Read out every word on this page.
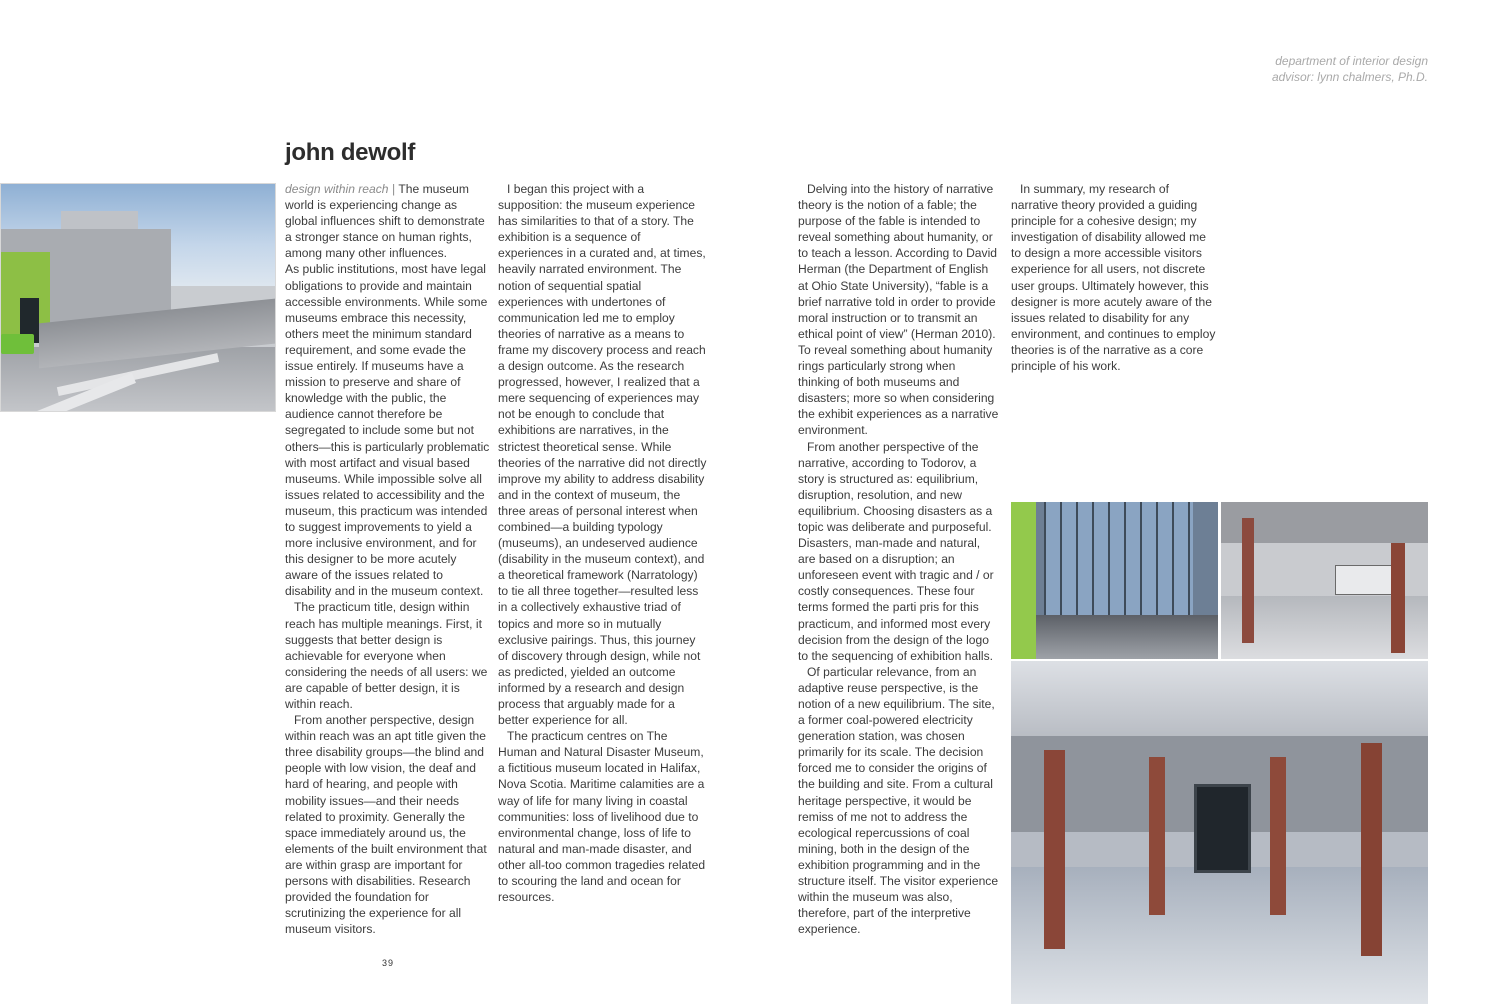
department of interior design
advisor: lynn chalmers, Ph.D.
john dewolf

design within reach | The museum world is experiencing change as global influences shift to demonstrate a stronger stance on human rights, among many other influences.

As public institutions, most have legal obligations to provide and maintain accessible environments. While some museums embrace this necessity, others meet the minimum standard requirement, and some evade the issue entirely. If museums have a mission to preserve and share of knowledge with the public, the audience cannot therefore be segregated to include some but not others—this is particularly problematic with most artifact and visual based museums. While impossible solve all issues related to accessibility and the museum, this practicum was intended to suggest improvements to yield a more inclusive environment, and for this designer to be more acutely aware of the issues related to disability and in the museum context.

The practicum title, design within reach has multiple meanings. First, it suggests that better design is achievable for everyone when considering the needs of all users: we are capable of better design, it is within reach.

From another perspective, design within reach was an apt title given the three disability groups—the blind and people with low vision, the deaf and hard of hearing, and people with mobility issues—and their needs related to proximity. Generally the space immediately around us, the elements of the built environment that are within grasp are important for persons with disabilities. Research provided the foundation for scrutinizing the experience for all museum visitors.

I began this project with a supposition: the museum experience has similarities to that of a story. The exhibition is a sequence of experiences in a curated and, at times, heavily narrated environment. The notion of sequential spatial experiences with undertones of communication led me to employ theories of narrative as a means to frame my discovery process and reach a design outcome. As the research progressed, however, I realized that a mere sequencing of experiences may not be enough to conclude that exhibitions are narratives, in the strictest theoretical sense. While theories of the narrative did not directly improve my ability to address disability and in the context of museum, the three areas of personal interest when combined—a building typology (museums), an undeserved audience (disability in the museum context), and a theoretical framework (Narratology) to tie all three together—resulted less in a collectively exhaustive triad of topics and more so in mutually exclusive pairings. Thus, this journey of discovery through design, while not as predicted, yielded an outcome informed by a research and design process that arguably made for a better experience for all.

The practicum centres on The Human and Natural Disaster Museum, a fictitious museum located in Halifax, Nova Scotia. Maritime calamities are a way of life for many living in coastal communities: loss of livelihood due to environmental change, loss of life to natural and man-made disaster, and other all-too common tragedies related to scouring the land and ocean for resources.

Delving into the history of narrative theory is the notion of a fable; the purpose of the fable is intended to reveal something about humanity, or to teach a lesson. According to David Herman (the Department of English at Ohio State University), “fable is a brief narrative told in order to provide moral instruction or to transmit an ethical point of view” (Herman 2010). To reveal something about humanity rings particularly strong when thinking of both museums and disasters; more so when considering the exhibit experiences as a narrative environment.

From another perspective of the narrative, according to Todorov, a story is structured as: equilibrium, disruption, resolution, and new equilibrium. Choosing disasters as a topic was deliberate and purposeful. Disasters, man-made and natural, are based on a disruption; an unforeseen event with tragic and / or costly consequences. These four terms formed the parti pris for this practicum, and informed most every decision from the design of the logo to the sequencing of exhibition halls.

Of particular relevance, from an adaptive reuse perspective, is the notion of a new equilibrium. The site, a former coal-powered electricity generation station, was chosen primarily for its scale. The decision forced me to consider the origins of the building and site. From a cultural heritage perspective, it would be remiss of me not to address the ecological repercussions of coal mining, both in the design of the exhibition programming and in the structure itself. The visitor experience within the museum was also, therefore, part of the interpretive experience.

In summary, my research of narrative theory provided a guiding principle for a cohesive design; my investigation of disability allowed me to design a more accessible visitors experience for all users, not discrete user groups. Ultimately however, this designer is more acutely aware of the issues related to disability for any environment, and continues to employ theories is of the narrative as a core principle of his work.

39
